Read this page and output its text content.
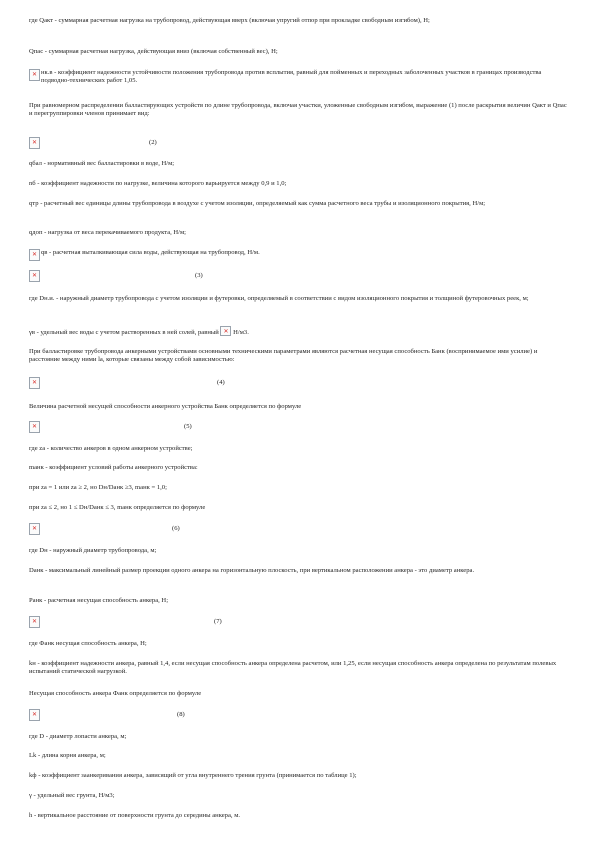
где Qакт - суммарная расчетная нагрузка на трубопровод, действующая вверх (включая упругий отпор при прокладке свободным изгибом), Н;

Qпас - суммарная расчетная нагрузка, действующая вниз (включая собственный вес), Н;

✕
нк.в - коэффициент надежности устойчивости положения трубопровода против всплытия, равный для пойменных и переходных заболоченных участков в границах производства подводно-технических работ 1,05.

При равномерном распределении балластирующих устройств по длине трубопровода, включая участки, уложенные свободным изгибом, выражение (1) после раскрытия величин Qакт и Qпас и перегруппировки членов принимает вид:

✕
(2)

qбал - нормативный вес балластировки в воде, Н/м;

nб - коэффициент надежности по нагрузке, величина которого варьируется между 0,9 и 1,0;

qтр - расчетный вес единицы длины трубопровода в воздухе с учетом изоляции, определяемый как сумма расчетного веса трубы и изоляционного покрытия, Н/м;

qдоп - нагрузка от веса перекачиваемого продукта, Н/м;

✕
qв - расчетная выталкивающая сила воды, действующая на трубопровод, Н/м.
✕
(3)

где Dн.и. - наружный диаметр трубопровода с учетом изоляции и футеровки, определяемый в соответствии с видом изоляционного покрытия и толщиной футеровочных реек, м;

γв - удельный вес воды с учетом растворенных в ней солей, равный
✕ Н/м3.

При балластировке трубопровода анкерными устройствами основными техническими параметрами являются расчетная несущая способность Банк (воспринимаемое ими усилие) и расстояние между ними lа, которые связаны между собой зависимостью:

✕
(4)

Величина расчетной несущей способности анкерного устройства Банк определяется по формуле

✕
(5)

где za - количество анкеров в одном анкерном устройстве;

mанк - коэффициент условий работы анкерного устройства:

при za = 1 или za ≥ 2, но Dн/Dанк ≥3, mанк = 1,0;

при za ≤ 2, но 1 ≤ Dн/Dанк ≤ 3, mанк определяется по формуле

✕
(6)

где Dн - наружный диаметр трубопровода, м;

Dанк - максимальный линейный размер проекции одного анкера на горизонтальную плоскость, при вертикальном расположении анкера - это диаметр анкера.

Ранк - расчетная несущая способность анкера, Н;

✕
(7)

где Фанк несущая способность анкера, Н;

kн - коэффициент надежности анкера, равный 1,4, если несущая способность анкера определена расчетом, или 1,25, если несущая способность анкера определена по результатам полевых испытаний статической нагрузкой.

Несущая способность анкера Фанк определяется по формуле

✕
(8)

где D - диаметр лопасти анкера, м;

Lk - длина корня анкера, м;

kф - коэффициент заанкеривания анкера, зависящий от угла внутреннего трения грунта (принимается по таблице 1);

γ - удельный вес грунта, Н/м3;

h - вертикальное расстояние от поверхности грунта до середины анкера, м.
